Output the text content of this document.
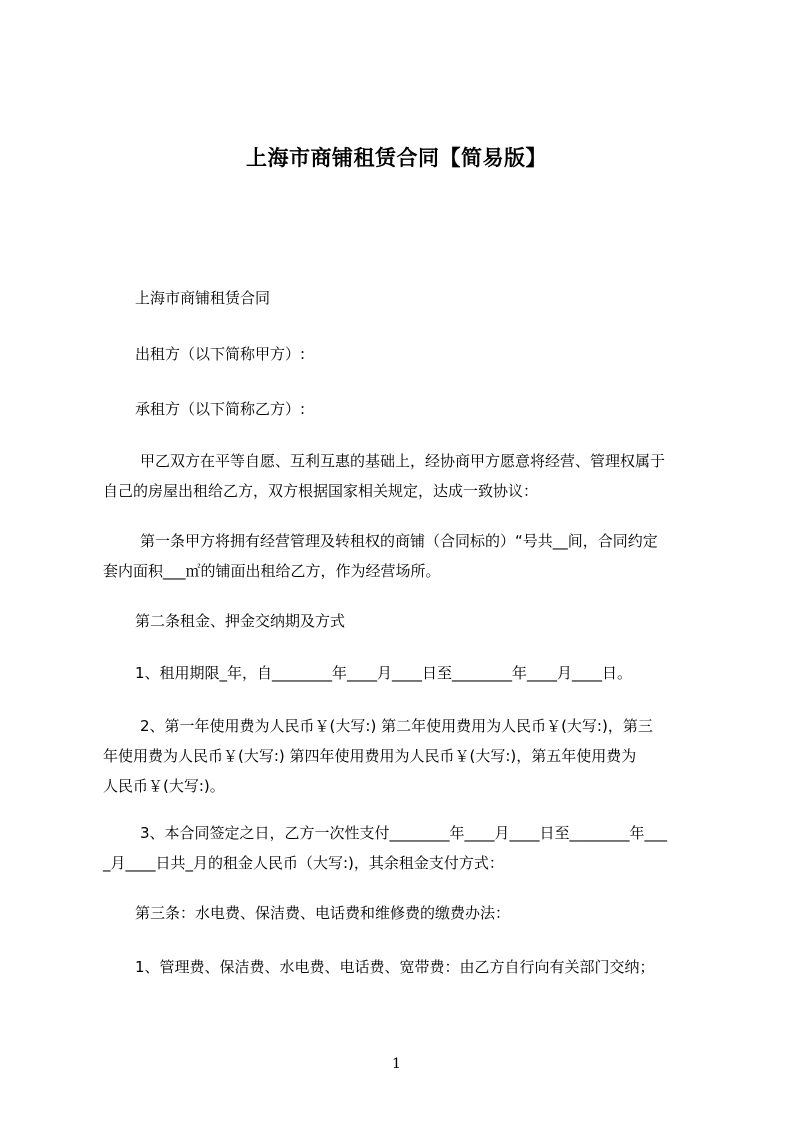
上海市商铺租赁合同【简易版】

上海市商铺租赁合同

出租方（以下简称甲方）:

承租方（以下简称乙方）:

甲乙双方在平等自愿、互利互惠的基础上，经协商甲方愿意将经营、管理权属于
自己的房屋出租给乙方，双方根据国家相关规定，达成一致协议：

第一条甲方将拥有经营管理及转租权的商铺（合同标的）“号共__间，合同约定
套内面积___㎡的铺面出租给乙方，作为经营场所。

第二条租金、押金交纳期及方式

1、租用期限_年，自________年____月____日至________年____月____日。

2、第一年使用费为人民币￥(大写:) 第二年使用费用为人民币￥(大写:)，第三
年使用费为人民币￥(大写:) 第四年使用费用为人民币￥(大写:)，第五年使用费为
人民币￥(大写:)。

3、本合同签定之日，乙方一次性支付________年____月____日至________年___
_月____日共_月的租金人民币（大写:)，其余租金支付方式：

第三条：水电费、保洁费、电话费和维修费的缴费办法：

1、管理费、保洁费、水电费、电话费、宽带费：由乙方自行向有关部门交纳；

1
